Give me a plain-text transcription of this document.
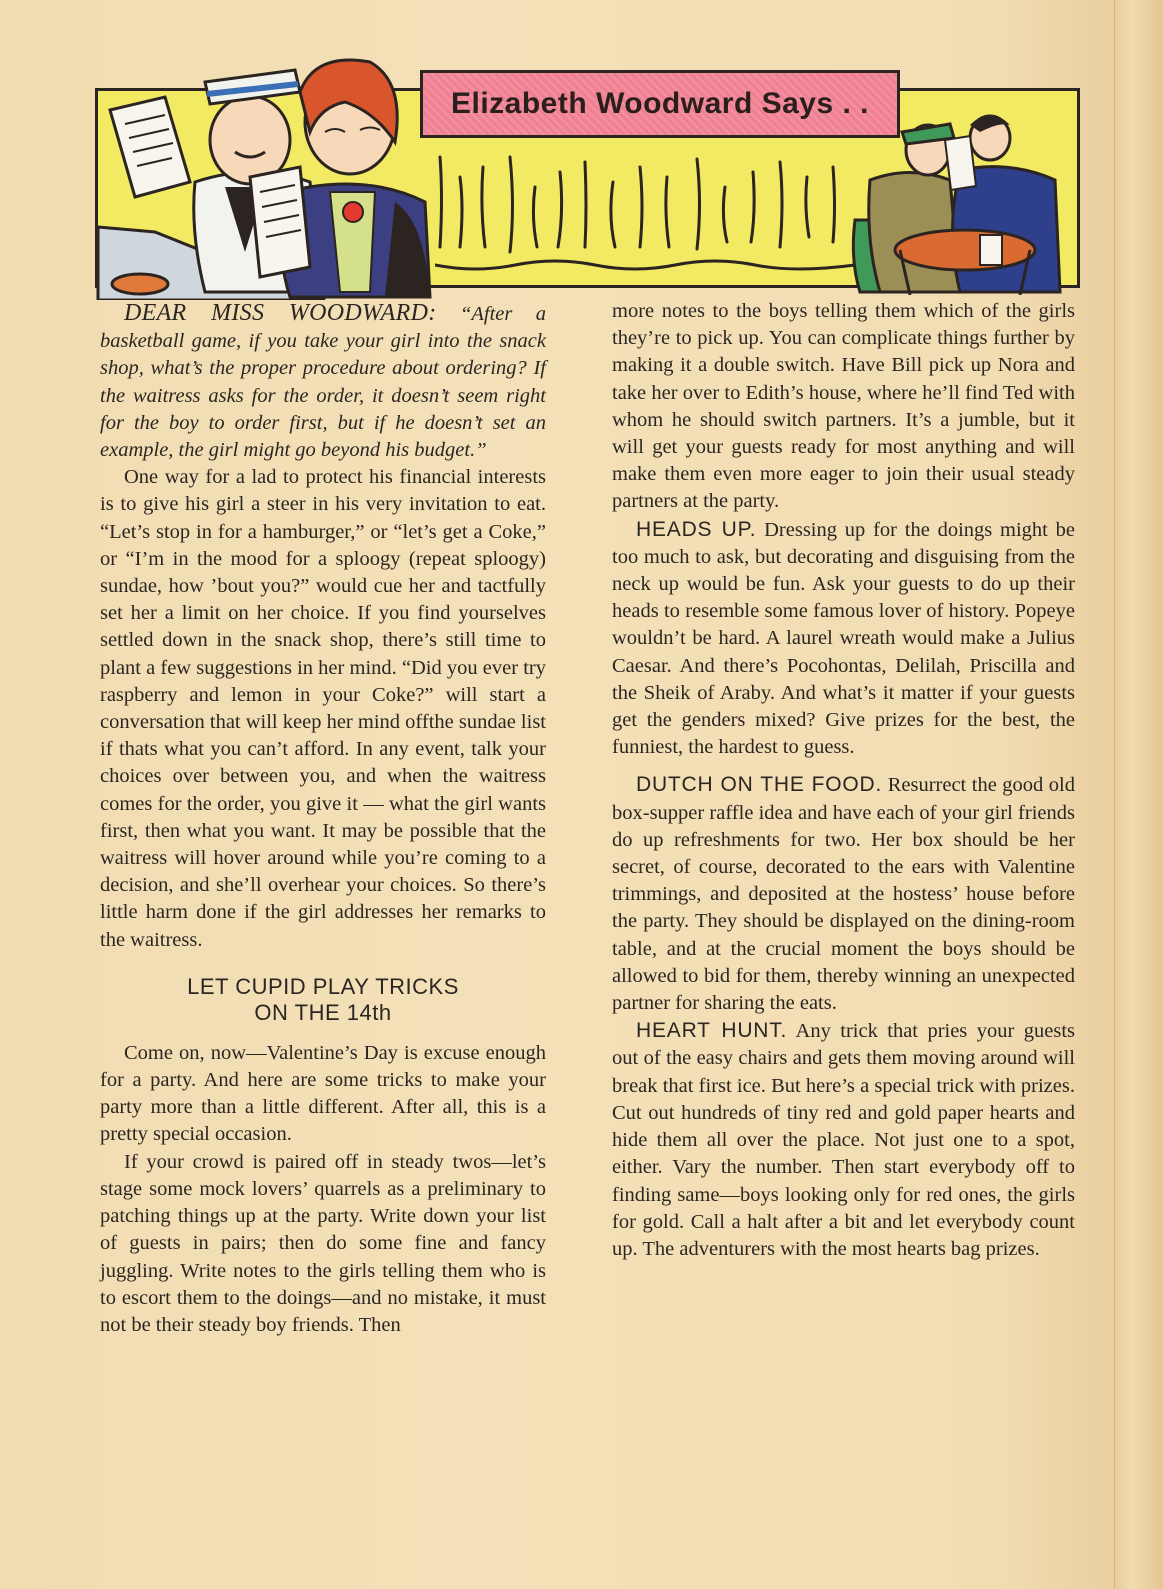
Elizabeth Woodward Says . .

DEAR MISS WOODWARD: “After a basketball game, if you take your girl into the snack shop, what’s the proper procedure about ordering? If the waitress asks for the order, it doesn’t seem right for the boy to order first, but if he doesn’t set an example, the girl might go beyond his budget.”

One way for a lad to protect his financial interests is to give his girl a steer in his very invitation to eat. “Let’s stop in for a hamburger,” or “let’s get a Coke,” or “I’m in the mood for a sploogy (repeat sploogy) sundae, how ’bout you?” would cue her and tactfully set her a limit on her choice. If you find yourselves settled down in the snack shop, there’s still time to plant a few suggestions in her mind. “Did you ever try raspberry and lemon in your Coke?” will start a conversation that will keep her mind offthe sundae list if thats what you can’t afford. In any event, talk your choices over between you, and when the waitress comes for the order, you give it — what the girl wants first, then what you want. It may be possible that the waitress will hover around while you’re coming to a decision, and she’ll overhear your choices. So there’s little harm done if the girl addresses her remarks to the waitress.

LET CUPID PLAY TRICKS
ON THE 14th

Come on, now—Valentine’s Day is excuse enough for a party. And here are some tricks to make your party more than a little different. After all, this is a pretty special occasion.

If your crowd is paired off in steady twos—let’s stage some mock lovers’ quarrels as a preliminary to patching things up at the party. Write down your list of guests in pairs; then do some fine and fancy juggling. Write notes to the girls telling them who is to escort them to the doings—and no mistake, it must not be their steady boy friends. Then

more notes to the boys telling them which of the girls they’re to pick up. You can complicate things further by making it a double switch. Have Bill pick up Nora and take her over to Edith’s house, where he’ll find Ted with whom he should switch partners. It’s a jumble, but it will get your guests ready for most anything and will make them even more eager to join their usual steady partners at the party.

HEADS UP. Dressing up for the doings might be too much to ask, but decorating and disguising from the neck up would be fun. Ask your guests to do up their heads to resemble some famous lover of history. Popeye wouldn’t be hard. A laurel wreath would make a Julius Caesar. And there’s Pocohontas, Delilah, Priscilla and the Sheik of Araby. And what’s it matter if your guests get the genders mixed? Give prizes for the best, the funniest, the hardest to guess.

DUTCH ON THE FOOD. Resurrect the good old box-supper raffle idea and have each of your girl friends do up refreshments for two. Her box should be her secret, of course, decorated to the ears with Valentine trimmings, and deposited at the hostess’ house before the party. They should be displayed on the dining-room table, and at the crucial moment the boys should be allowed to bid for them, thereby winning an unexpected partner for sharing the eats.

HEART HUNT. Any trick that pries your guests out of the easy chairs and gets them moving around will break that first ice. But here’s a special trick with prizes. Cut out hundreds of tiny red and gold paper hearts and hide them all over the place. Not just one to a spot, either. Vary the number. Then start everybody off to finding same—boys looking only for red ones, the girls for gold. Call a halt after a bit and let everybody count up. The adventurers with the most hearts bag prizes.
